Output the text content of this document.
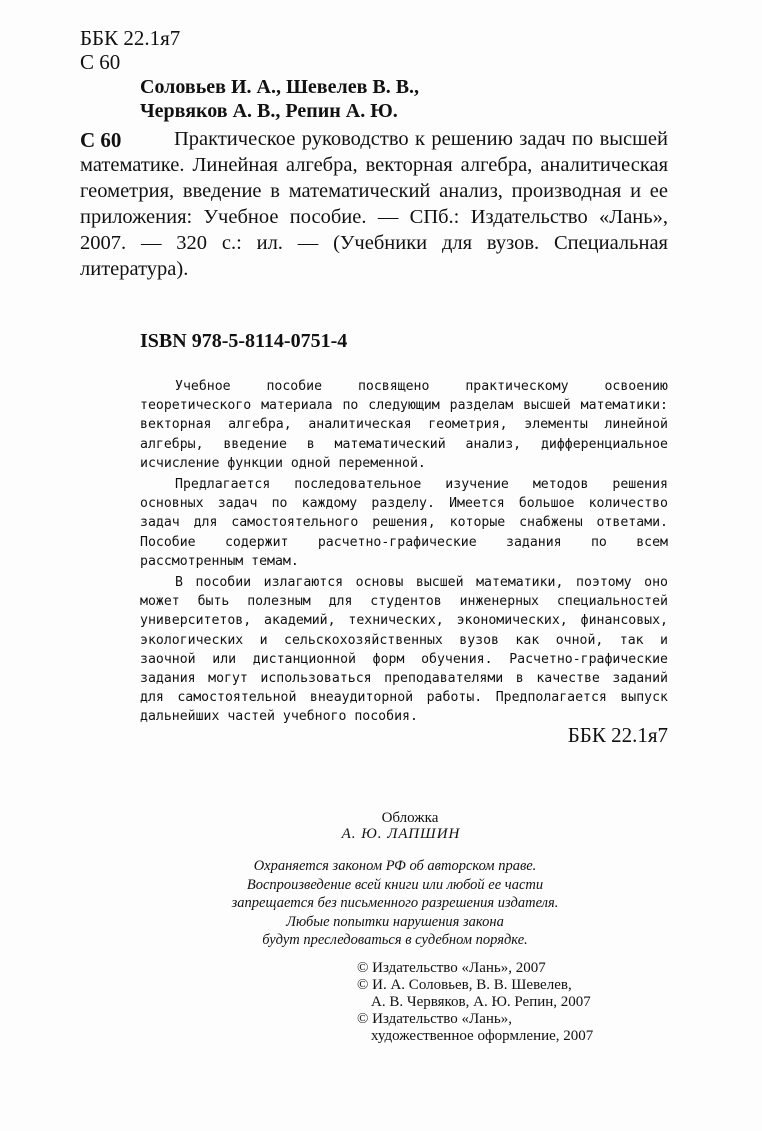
ББК 22.1я7
С 60
Соловьев И. А., Шевелев В. В.,
Червяков А. В., Репин А. Ю.
С 60	Практическое руководство к решению задач по высшей математике. Линейная алгебра, векторная алгебра, аналитическая геометрия, введение в математический анализ, производная и ее приложения: Учебное пособие. — СПб.: Издательство «Лань», 2007. — 320 с.: ил. — (Учебники для вузов. Специальная литература).
ISBN 978-5-8114-0751-4

Учебное пособие посвящено практическому освоению теоретического материала по следующим разделам высшей математики: векторная алгебра, аналитическая геометрия, элементы линейной алгебры, введение в математический анализ, дифференциальное исчисление функции одной переменной.

Предлагается последовательное изучение методов решения основных задач по каждому разделу. Имеется большое количество задач для самостоятельного решения, которые снабжены ответами. Пособие содержит расчетно-графические задания по всем рассмотренным темам.

В пособии излагаются основы высшей математики, поэтому оно может быть полезным для студентов инженерных специальностей университетов, академий, технических, экономических, финансовых, экологических и сельскохозяйственных вузов как очной, так и заочной или дистанционной форм обучения. Расчетно-графические задания могут использоваться преподавателями в качестве заданий для самостоятельной внеаудиторной работы. Предполагается выпуск дальнейших частей учебного пособия.

ББК 22.1я7
Обложка
А. Ю. ЛАПШИН
Охраняется законом РФ об авторском праве.
Воспроизведение всей книги или любой ее части
запрещается без письменного разрешения издателя.
Любые попытки нарушения закона
будут преследоваться в судебном порядке.
© Издательство «Лань», 2007
© И. А. Соловьев, В. В. Шевелев,
А. В. Червяков, А. Ю. Репин, 2007
© Издательство «Лань»,
художественное оформление, 2007
